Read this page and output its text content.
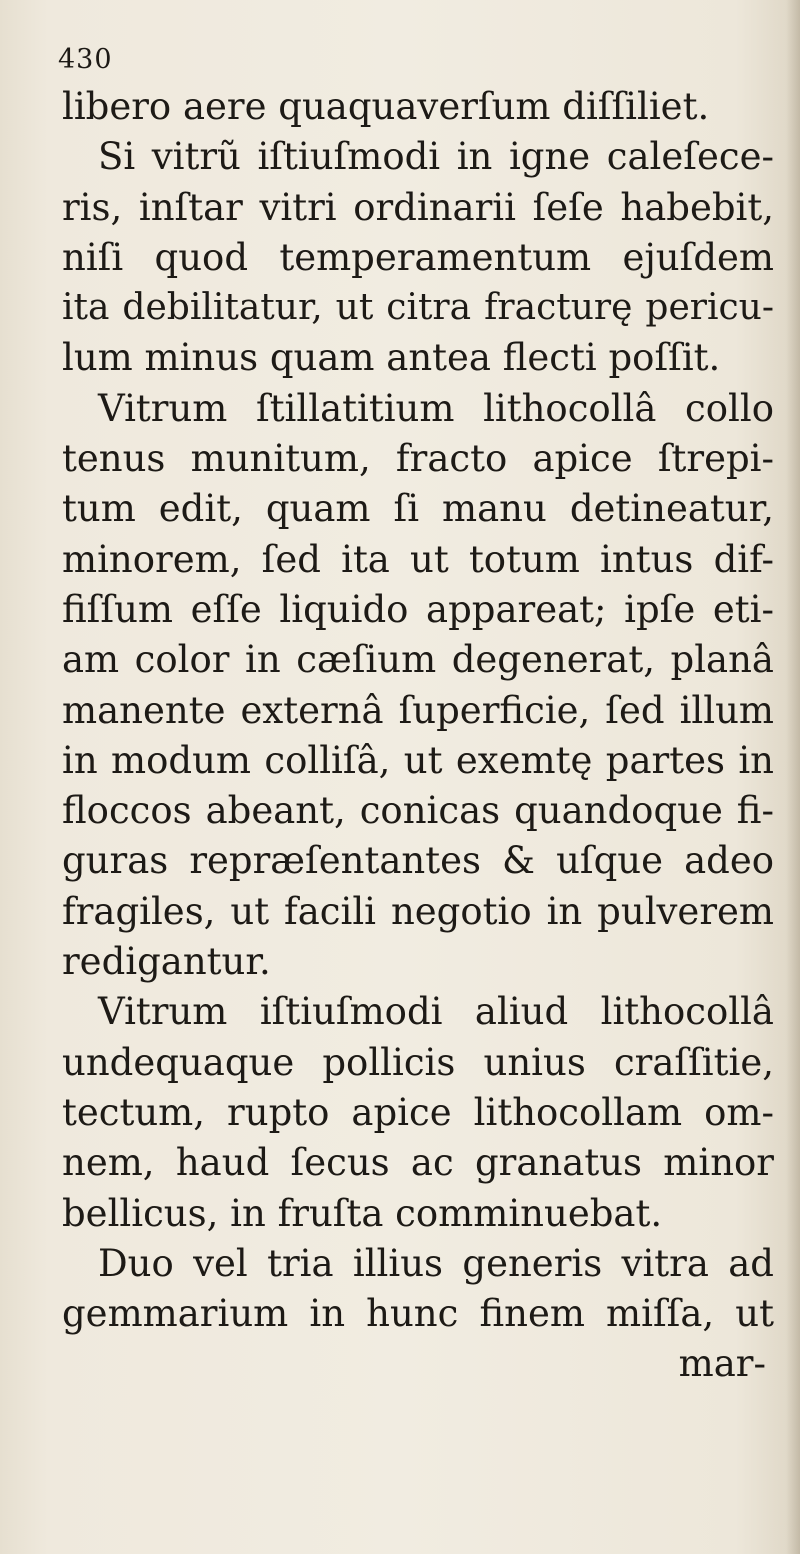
430
libero aere quaquaverſum diſſiliet.
Si vitrũ iſtiuſmodi in igne caleſece-
ris, inſtar vitri ordinarii ſeſe habebit,
niſi quod temperamentum ejuſdem
ita debilitatur, ut citra fracturę pericu-
lum minus quam antea flecti poſſit.
Vitrum ſtillatitium lithocollâ collo
tenus munitum, fracto apice ſtrepi-
tum edit, quam ſi manu detineatur,
minorem, ſed ita ut totum intus dif-
fiſſum eſſe liquido appareat; ipſe eti-
am color in cæſium degenerat, planâ
manente externâ ſuperficie, ſed illum
in modum colliſâ, ut exemtę partes in
floccos abeant, conicas quandoque fi-
guras repræſentantes & uſque adeo
fragiles, ut facili negotio in pulverem
redigantur.
Vitrum iſtiuſmodi aliud lithocollâ
undequaque pollicis unius craſſitie,
tectum, rupto apice lithocollam om-
nem, haud ſecus ac granatus minor
bellicus, in fruſta comminuebat.
Duo vel tria illius generis vitra ad
gemmarium in hunc finem miſſa, ut
mar-
